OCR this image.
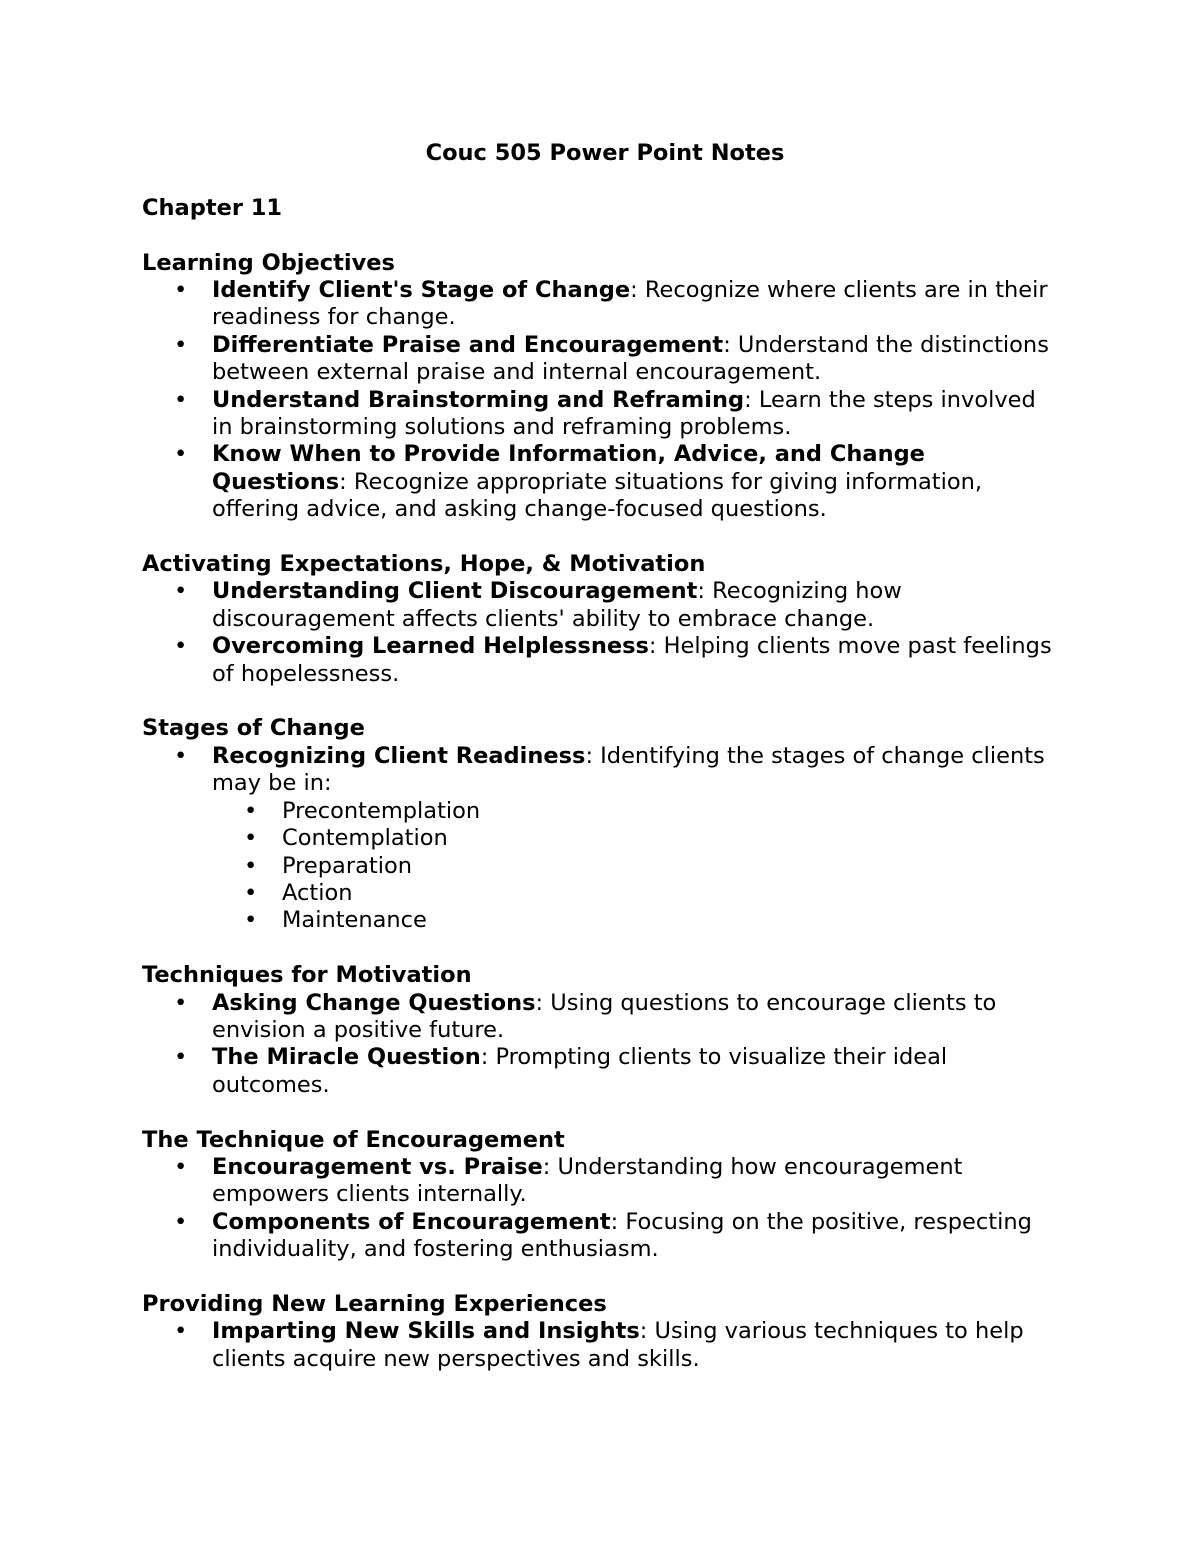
Couc 505 Power Point Notes

Chapter 11

Learning Objectives

• Identify Client's Stage of Change: Recognize where clients are in their readiness for change.
• Differentiate Praise and Encouragement: Understand the distinctions between external praise and internal encouragement.
• Understand Brainstorming and Reframing: Learn the steps involved in brainstorming solutions and reframing problems.
• Know When to Provide Information, Advice, and Change Questions: Recognize appropriate situations for giving information, offering advice, and asking change-focused questions.

Activating Expectations, Hope, & Motivation

• Understanding Client Discouragement: Recognizing how discouragement affects clients' ability to embrace change.
• Overcoming Learned Helplessness: Helping clients move past feelings of hopelessness.

Stages of Change

• Recognizing Client Readiness: Identifying the stages of change clients may be in:
• Precontemplation
• Contemplation
• Preparation
• Action
• Maintenance

Techniques for Motivation

• Asking Change Questions: Using questions to encourage clients to envision a positive future.
• The Miracle Question: Prompting clients to visualize their ideal outcomes.

The Technique of Encouragement

• Encouragement vs. Praise: Understanding how encouragement empowers clients internally.
• Components of Encouragement: Focusing on the positive, respecting individuality, and fostering enthusiasm.

Providing New Learning Experiences

• Imparting New Skills and Insights: Using various techniques to help clients acquire new perspectives and skills.
